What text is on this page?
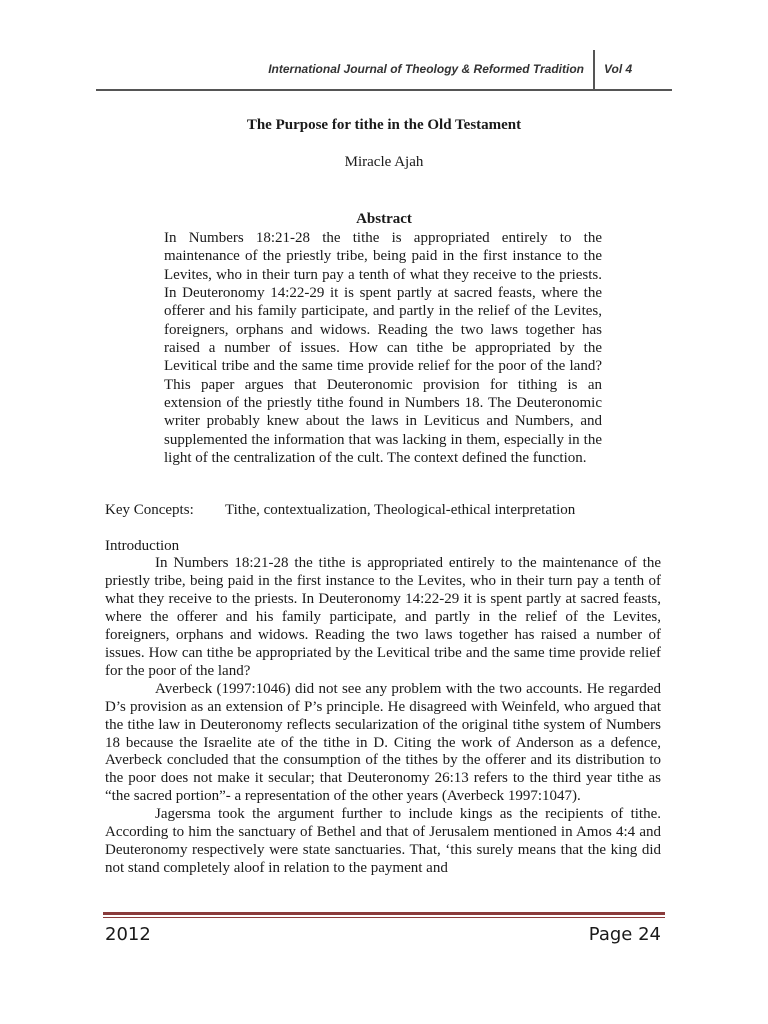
International Journal of Theology & Reformed Tradition Vol 4
The Purpose for tithe in the Old Testament
Miracle Ajah
Abstract
In Numbers 18:21-28 the tithe is appropriated entirely to the maintenance of the priestly tribe, being paid in the first instance to the Levites, who in their turn pay a tenth of what they receive to the priests. In Deuteronomy 14:22-29 it is spent partly at sacred feasts, where the offerer and his family participate, and partly in the relief of the Levites, foreigners, orphans and widows. Reading the two laws together has raised a number of issues. How can tithe be appropriated by the Levitical tribe and the same time provide relief for the poor of the land? This paper argues that Deuteronomic provision for tithing is an extension of the priestly tithe found in Numbers 18. The Deuteronomic writer probably knew about the laws in Leviticus and Numbers, and supplemented the information that was lacking in them, especially in the light of the centralization of the cult. The context defined the function.
Key Concepts: Tithe, contextualization, Theological-ethical interpretation
Introduction

In Numbers 18:21-28 the tithe is appropriated entirely to the maintenance of the priestly tribe, being paid in the first instance to the Levites, who in their turn pay a tenth of what they receive to the priests. In Deuteronomy 14:22-29 it is spent partly at sacred feasts, where the offerer and his family participate, and partly in the relief of the Levites, foreigners, orphans and widows. Reading the two laws together has raised a number of issues. How can tithe be appropriated by the Levitical tribe and the same time provide relief for the poor of the land?

Averbeck (1997:1046) did not see any problem with the two accounts. He regarded D’s provision as an extension of P’s principle. He disagreed with Weinfeld, who argued that the tithe law in Deuteronomy reflects secularization of the original tithe system of Numbers 18 because the Israelite ate of the tithe in D. Citing the work of Anderson as a defence, Averbeck concluded that the consumption of the tithes by the offerer and its distribution to the poor does not make it secular; that Deuteronomy 26:13 refers to the third year tithe as “the sacred portion”- a representation of the other years (Averbeck 1997:1047).

Jagersma took the argument further to include kings as the recipients of tithe. According to him the sanctuary of Bethel and that of Jerusalem mentioned in Amos 4:4 and Deuteronomy respectively were state sanctuaries. That, ‘this surely means that the king did not stand completely aloof in relation to the payment and

2012	Page 24
